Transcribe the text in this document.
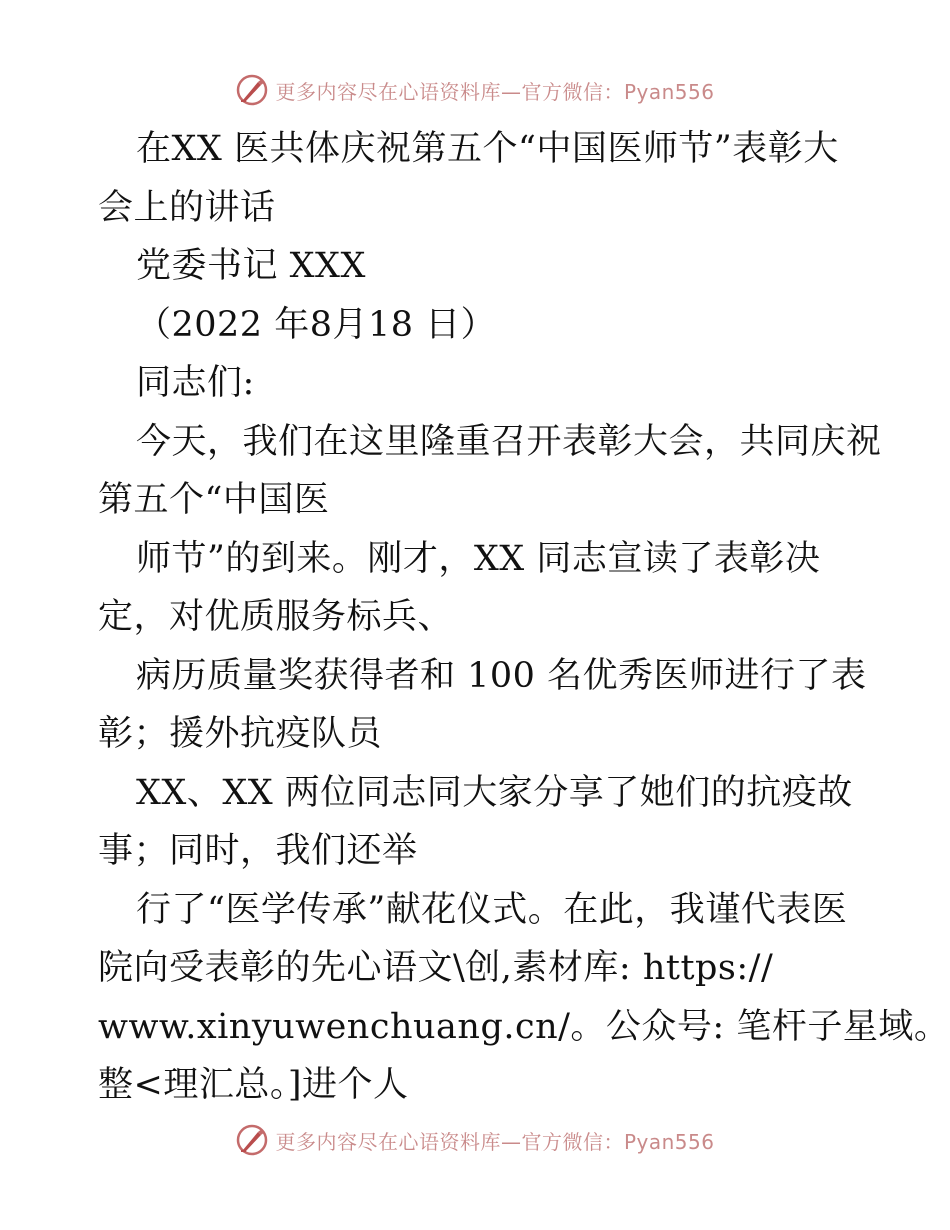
更多内容尽在心语资料库—官方微信：Pyan556
在XX 医共体庆祝第五个“中国医师节”表彰大
会上的讲话
党委书记 XXX
（2022 年8月18 日）
同志们:
今天，我们在这里隆重召开表彰大会，共同庆祝
第五个“中国医
师节”的到来。刚才，XX 同志宣读了表彰决
定，对优质服务标兵、
病历质量奖获得者和 100 名优秀医师进行了表
彰；援外抗疫队员
XX、XX 两位同志同大家分享了她们的抗疫故
事；同时，我们还举
行了“医学传承”献花仪式。在此，我谨代表医
院向受表彰的先心语文\创,素材库: https://
www.xinyuwenchuang.cn/。公众号: 笔杆子星域。
整<理汇总。]进个人
更多内容尽在心语资料库—官方微信：Pyan556
